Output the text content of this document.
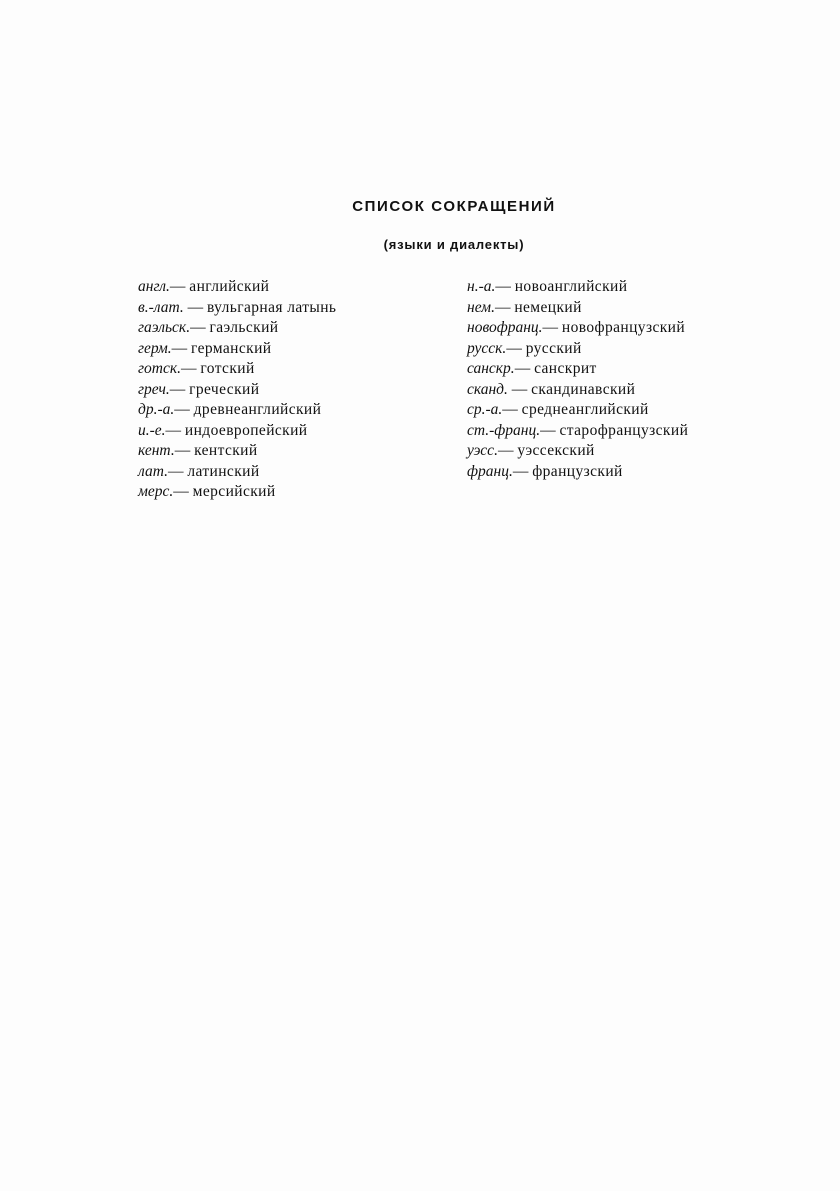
СПИСОК СОКРАЩЕНИЙ
(языки и диалекты)
англ.— английский
в.-лат. — вульгарная латынь
гаэльск.— гаэльский
герм.— германский
готск.— готский
греч.— греческий
др.-а.— древнеанглийский
и.-е.— индоевропейский
кент.— кентский
лат.— латинский
мерс.— мерсийский
н.-а.— новоанглийский
нем.— немецкий
новофранц.— новофранцузский
русск.— русский
санскр.— санскрит
сканд. — скандинавский
ср.-а.— среднеанглийский
ст.-франц.— старофранцузский
уэсс.— уэссекский
франц.— французский
